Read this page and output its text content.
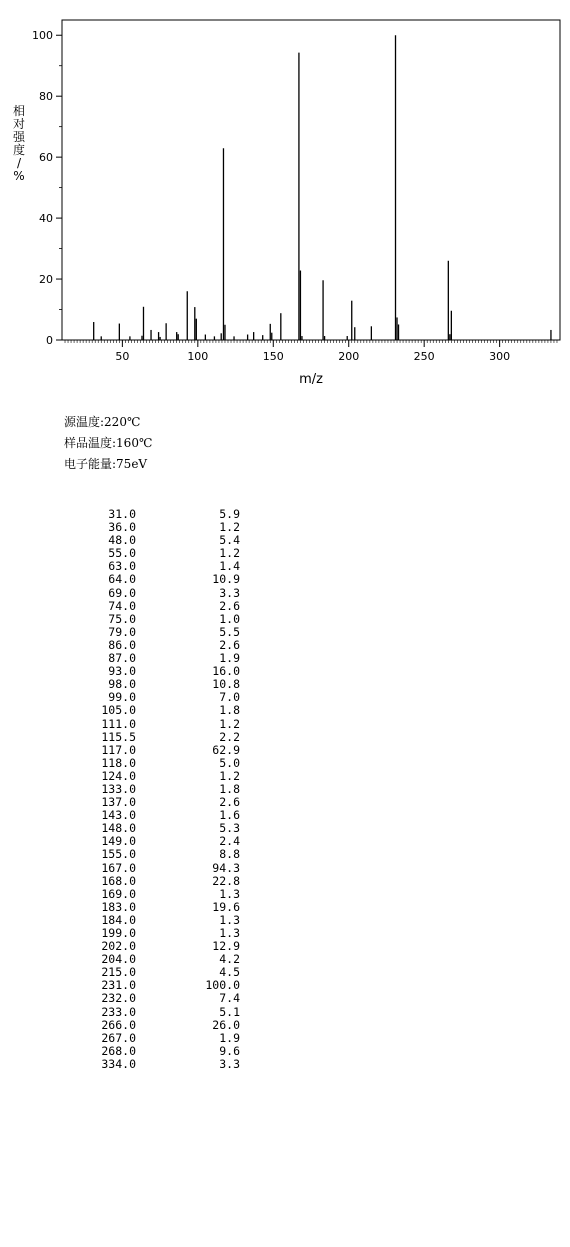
50	100	150	200	250	300
0
20
40
60
80
100
m/z
相对强度/ %
源温度:220℃
样品温度:160℃
电子能量:75eV
31.0	5.9
36.0	1.2
48.0	5.4
55.0	1.2
63.0	1.4
64.0	10.9
69.0	3.3
74.0	2.6
75.0	1.0
79.0	5.5
86.0	2.6
87.0	1.9
93.0	16.0
98.0	10.8
99.0	7.0
105.0	1.8
111.0	1.2
115.5	2.2
117.0	62.9
118.0	5.0
124.0	1.2
133.0	1.8
137.0	2.6
143.0	1.6
148.0	5.3
149.0	2.4
155.0	8.8
167.0	94.3
168.0	22.8
169.0	1.3
183.0	19.6
184.0	1.3
199.0	1.3
202.0	12.9
204.0	4.2
215.0	4.5
231.0	100.0
232.0	7.4
233.0	5.1
266.0	26.0
267.0	1.9
268.0	9.6
334.0	3.3
